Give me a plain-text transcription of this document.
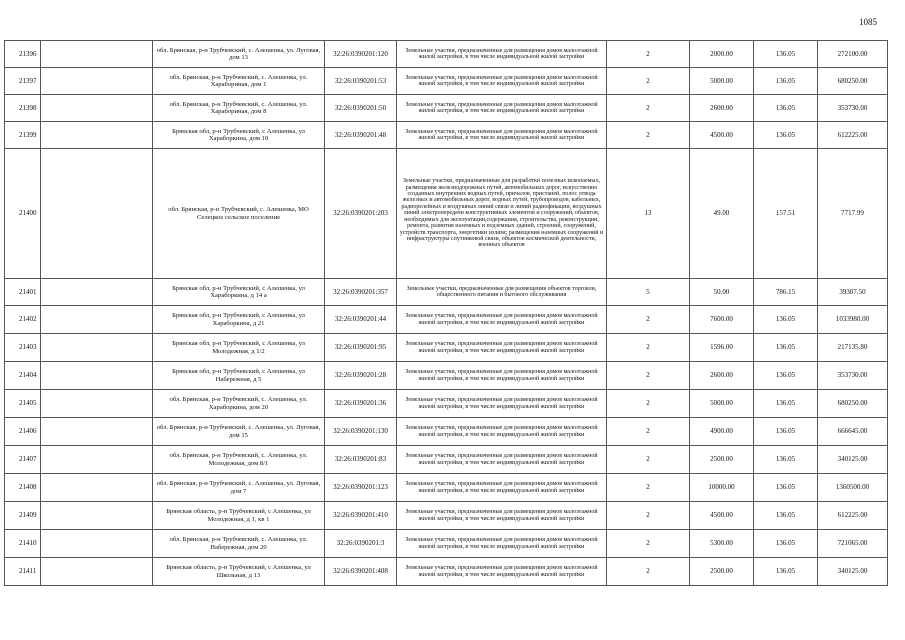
1085
21396		обл. Брянская, р-н Трубчевский, с. Алешенка, ул. Луговая, дом 13	32:26:0390201:120	Земельные участки, предназначенные для размещения домов малоэтажной жилой застройки, в том числе индивидуальной жилой застройки	2	2000.00	136.05	272100.00
21397		обл. Брянская, р-н Трубчевский, с. Алешенка, ул. Харабориная, дом 1	32:26:0390201:53	Земельные участки, предназначенные для размещения домов малоэтажной жилой застройки, в том числе индивидуальной жилой застройки	2	5000.00	136.05	680250.00
21398		обл. Брянская, р-н Трубчевский, с. Алешенка, ул. Харабориная, дом 8	32:26:0390201:50	Земельные участки, предназначенные для размещения домов малоэтажной жилой застройки, в том числе индивидуальной жилой застройки	2	2600.00	136.05	353730.00
21399		Брянская обл, р-н Трубчевский, с Алешенка, ул Хараборкина, дом 10	32:26:0390201:48	Земельные участки, предназначенные для размещения домов малоэтажной жилой застройки, в том числе индивидуальной жилой застройки	2	4500.00	136.05	612225.00
21400		обл. Брянская, р-н Трубчевский, с. Алешенка, МО Селецкое сельское поселение	32:26:0390201:203	Земельные участки, предназначенные для разработки полезных ископаемых, размещения железнодорожных путей, автомобильных дорог, искусственно созданных внутренних водных путей, причалов, пристаней, полос отвода железных и автомобильных дорог, водных путей, трубопроводов, кабельных, радиорелейных и воздушных линий связи и линий радиофикации, воздушных линий электропередачи конструктивных элементов и сооружений, объектов, необходимых для эксплуатации,содержания, строительства, реконструкции, ремонта, развития наземных и подземных зданий, строений, сооружений, устройств транспорта, энергетики излязи; размещения наземных сооружений и инфраструктуры спутниковой связи, объектов космической деятельности, военных объектов	13	49.00	157.51	7717.99
21401		Брянская обл, р-н Трубчевский, с Алешенка, ул Хараборкина, д 14 а	32:26:0390201:357	Земельные участки, предназначенные для размещения объектов торговли, общественного питания и бытового обслуживания	5	50.00	786.15	39307.50
21402		Брянская обл, р-н Трубчевский, с Алешенка, ул Хараборкина, д 21	32:26:0390201:44	Земельные участки, предназначенные для размещения домов малоэтажной жилой застройки, в том числе индивидуальной жилой застройки	2	7600.00	136.05	1033980.00
21403		Брянская обл, р-н Трубчевский, с Алешенка, ул Молодежная, д 1/2	32:26:0390201:95	Земельные участки, предназначенные для размещения домов малоэтажной жилой застройки, в том числе индивидуальной жилой застройки	2	1596.00	136.05	217135.80
21404		Брянская обл, р-н Трубчевский, с Алешенка, ул Набережная, д 5	32:26:0390201:28	Земельные участки, предназначенные для размещения домов малоэтажной жилой застройки, в том числе индивидуальной жилой застройки	2	2600.00	136.05	353730.00
21405		обл. Брянская, р-н Трубчевский, с. Алешенка, ул. Хараборкина, дом 20	32:26:0390201:36	Земельные участки, предназначенные для размещения домов малоэтажной жилой застройки, в том числе индивидуальной жилой застройки	2	5000.00	136.05	680250.00
21406		обл. Брянская, р-н Трубчевский, с. Алешенка, ул. Луговая, дом 15	32:26:0390201:130	Земельные участки, предназначенные для размещения домов малоэтажной жилой застройки, в том числе индивидуальной жилой застройки	2	4900.00	136.05	666645.00
21407		обл. Брянская, р-н Трубчевский, с. Алешенка, ул. Молодежная, дом 8/1	32:26:0390201:83	Земельные участки, предназначенные для размещения домов малоэтажной жилой застройки, в том числе индивидуальной жилой застройки	2	2500.00	136.05	340125.00
21408		обл. Брянская, р-н Трубчевский, с. Алешенка, ул. Луговая, дом 7	32:26:0390201:123	Земельные участки, предназначенные для размещения домов малоэтажной жилой застройки, в том числе индивидуальной жилой застройки	2	10000.00	136.05	1360500.00
21409		Брянская область, р-н Трубчевский, с Алешенка, ул Молодежная, д 1, кв 1	32:26:0390201:410	Земельные участки, предназначенные для размещения домов малоэтажной жилой застройки, в том числе индивидуальной жилой застройки	2	4500.00	136.05	612225.00
21410		обл. Брянская, р-н Трубчевский, с. Алешенка, ул. Набережная, дом 20	32:26:0390201:3	Земельные участки, предназначенные для размещения домов малоэтажной жилой застройки, в том числе индивидуальной жилой застройки	2	5300.00	136.05	721065.00
21411		Брянская область, р-н Трубчевский, с Алешенка, ул Школьная, д 13	32:26:0390201:408	Земельные участки, предназначенные для размещения домов малоэтажной жилой застройки, в том числе индивидуальной жилой застройки	2	2500.00	136.05	340125.00
